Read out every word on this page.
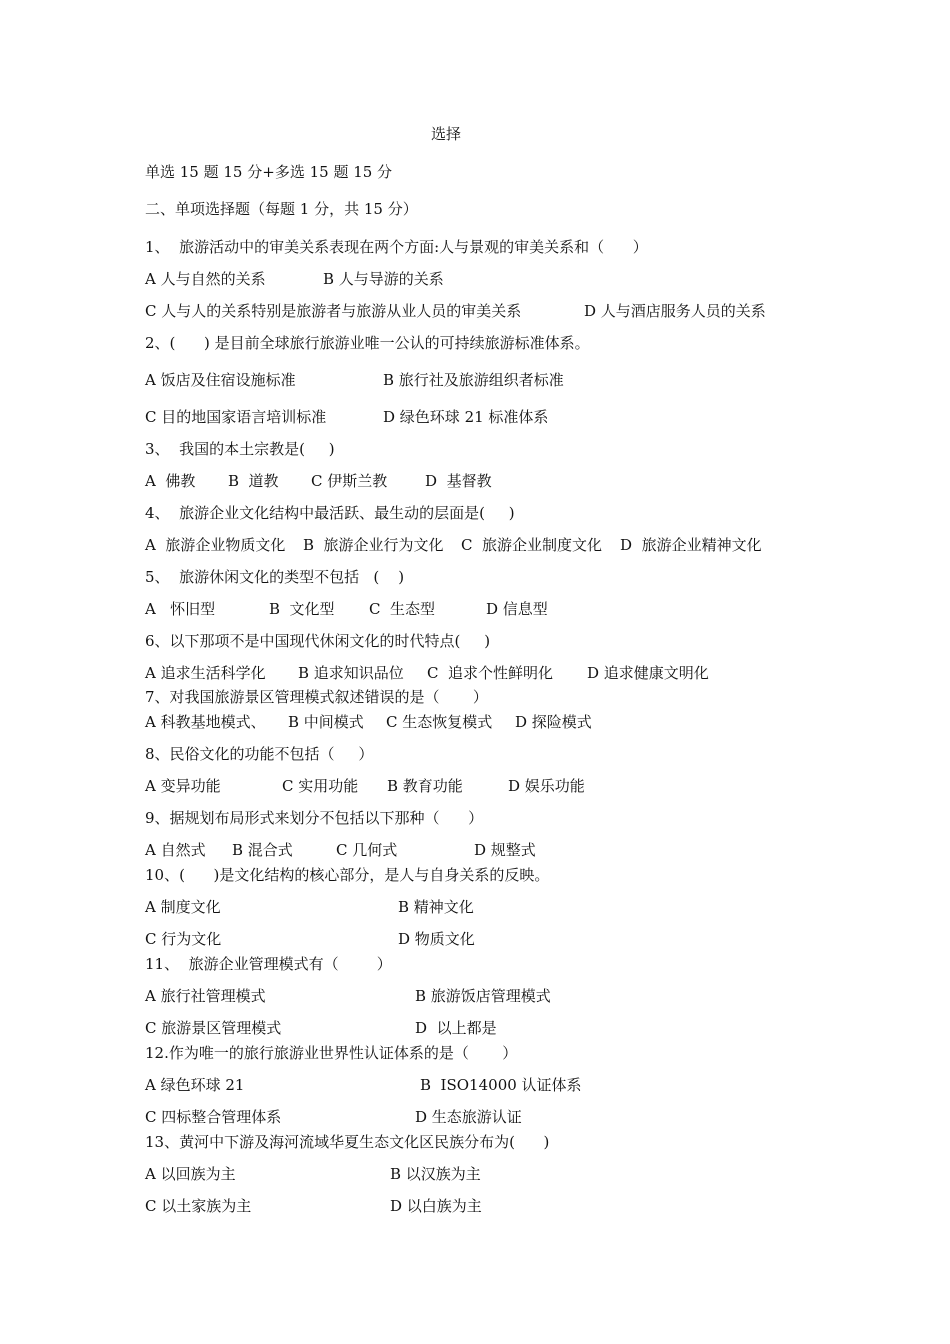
选择
单选 15 题 15 分+多选 15 题 15 分
二、单项选择题（每题 1 分，共 15 分）
1、  旅游活动中的审美关系表现在两个方面:人与景观的审美关系和（      ）
A 人与自然的关系	B 人与导游的关系
C 人与人的关系特别是旅游者与旅游从业人员的审美关系	D 人与酒店服务人员的关系
2、(      ) 是目前全球旅行旅游业唯一公认的可持续旅游标准体系。
A 饭店及住宿设施标准	B 旅行社及旅游组织者标准
C 目的地国家语言培训标准	D 绿色环球 21 标准体系
3、  我国的本土宗教是(     )
A  佛教 B  道教 C 伊斯兰教	D  基督教
4、  旅游企业文化结构中最活跃、最生动的层面是(     )
A  旅游企业物质文化 B  旅游企业行为文化 C  旅游企业制度文化 D  旅游企业精神文化
5、  旅游休闲文化的类型不包括   (    )
A   怀旧型	B  文化型 C  生态型	D 信息型
6、以下那项不是中国现代休闲文化的时代特点(     )
A 追求生活科学化 B 追求知识品位 C  追求个性鲜明化 D 追求健康文明化
7、对我国旅游景区管理模式叙述错误的是（       ）
A 科教基地模式、 B 中间模式 C 生态恢复模式 D 探险模式
8、民俗文化的功能不包括（     ）
A 变异功能	C 实用功能 B 教育功能	D 娱乐功能
9、据规划布局形式来划分不包括以下那种（      ）
A 自然式 B 混合式	C 几何式	D 规整式
10、(      )是文化结构的核心部分，是人与自身关系的反映。
A 制度文化	B 精神文化
C 行为文化	D 物质文化
11、  旅游企业管理模式有（        ）
A 旅行社管理模式	B 旅游饭店管理模式
C 旅游景区管理模式	D  以上都是
12.作为唯一的旅行旅游业世界性认证体系的是（       ）
A 绿色环球 21	B  ISO14000 认证体系
C 四标整合管理体系	D 生态旅游认证
13、黄河中下游及海河流域华夏生态文化区民族分布为(      )
A 以回族为主	B 以汉族为主
C 以土家族为主	D 以白族为主
